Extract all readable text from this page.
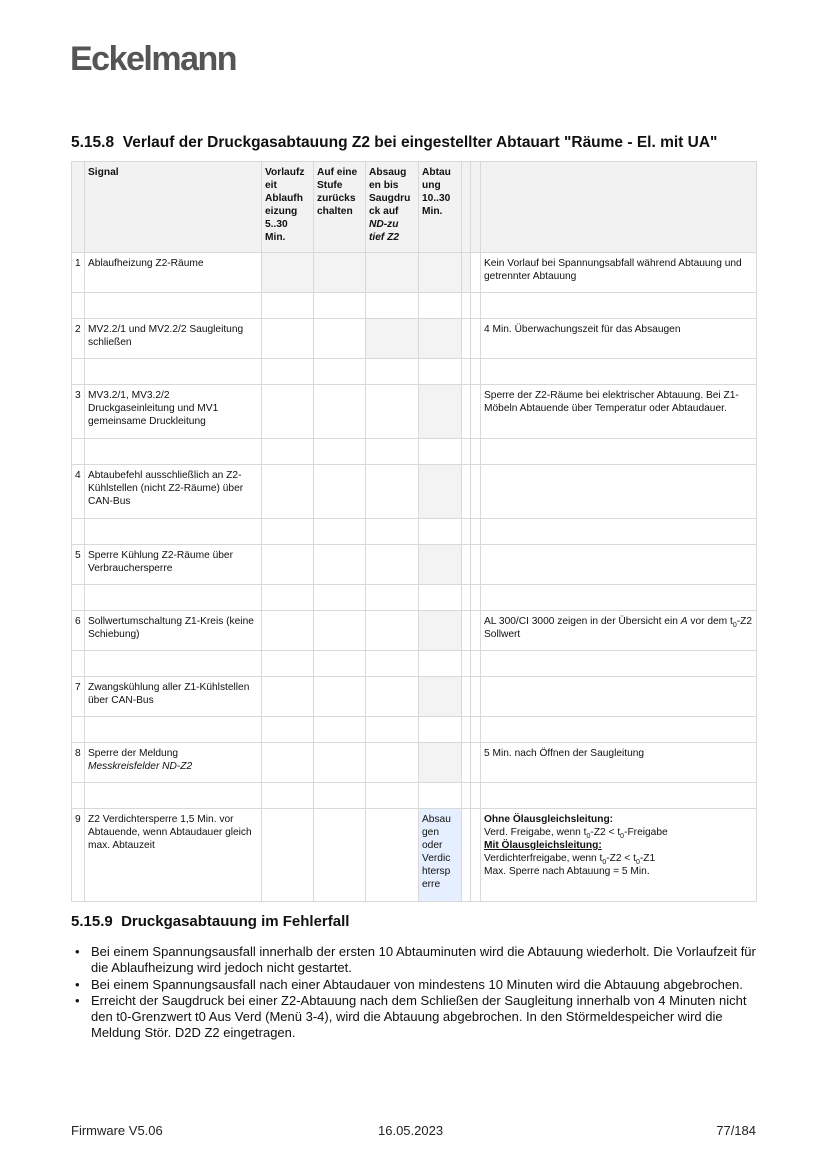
Eckelmann
5.15.8 Verlauf der Druckgasabtauung Z2 bei eingestellter Abtauart "Räume - El. mit UA"
	Signal	Vorlaufz eit Ablaufh eizung 5..30 Min.	Auf eine Stufe zurücks chalten	Absaug en bis Saugdru ck auf ND-zu tief Z2	Abtau ung 10..30 Min.			
1	Ablaufheizung Z2-Räume							Kein Vorlauf bei Spannungsabfall während Abtauung und getrennter Abtauung

2	MV2.2/1 und MV2.2/2 Saugleitung schließen							4 Min. Überwachungszeit für das Absaugen

3	MV3.2/1, MV3.2/2 Druckgaseinleitung und MV1 gemeinsame Druckleitung							Sperre der Z2-Räume bei elektrischer Abtauung. Bei Z1-Möbeln Abtauende über Temperatur oder Abtaudauer.

4	Abtaubefehl ausschließlich an Z2-Kühlstellen (nicht Z2-Räume) über CAN-Bus							

5	Sperre Kühlung Z2-Räume über Verbrauchersperre							

6	Sollwertumschaltung Z1-Kreis (keine Schiebung)							AL 300/CI 3000 zeigen in der Übersicht ein A vor dem $t_0-Z2$ Sollwert

7	Zwangskühlung aller Z1-Kühlstellen über CAN-Bus							

8	Sperre der Meldung
Messkreisfelder ND-Z2							5 Min. nach Öffnen der Saugleitung

9	Z2 Verdichtersperre 1,5 Min. vor Abtauende, wenn Abtaudauer gleich max. Abtauzeit				Absau gen oder Verdic htersp erre			Ohne Ölausgleichsleitung:
Verd. Freigabe, wenn $t_0-Z2$ < $t_0$-Freigabe
Mit Ölausgleichsleitung:
Verdichterfreigabe, wenn $t_0-Z2 < t_0-Z1$
Max. Sperre nach Abtauung = 5 Min.
5.15.9 Druckgasabtauung im Fehlerfall
• Bei einem Spannungsausfall innerhalb der ersten 10 Abtauminuten wird die Abtauung wiederholt. Die Vorlaufzeit für die Ablaufheizung wird jedoch nicht gestartet.
• Bei einem Spannungsausfall nach einer Abtaudauer von mindestens 10 Minuten wird die Abtauung abgebrochen.
• Erreicht der Saugdruck bei einer Z2-Abtauung nach dem Schließen der Saugleitung innerhalb von 4 Minuten nicht den t0-Grenzwert t0 Aus Verd (Menü 3-4), wird die Abtauung abgebrochen. In den Störmeldespeicher wird die Meldung Stör. D2D Z2 eingetragen.
Firmware V5.06	16.05.2023	77/184
